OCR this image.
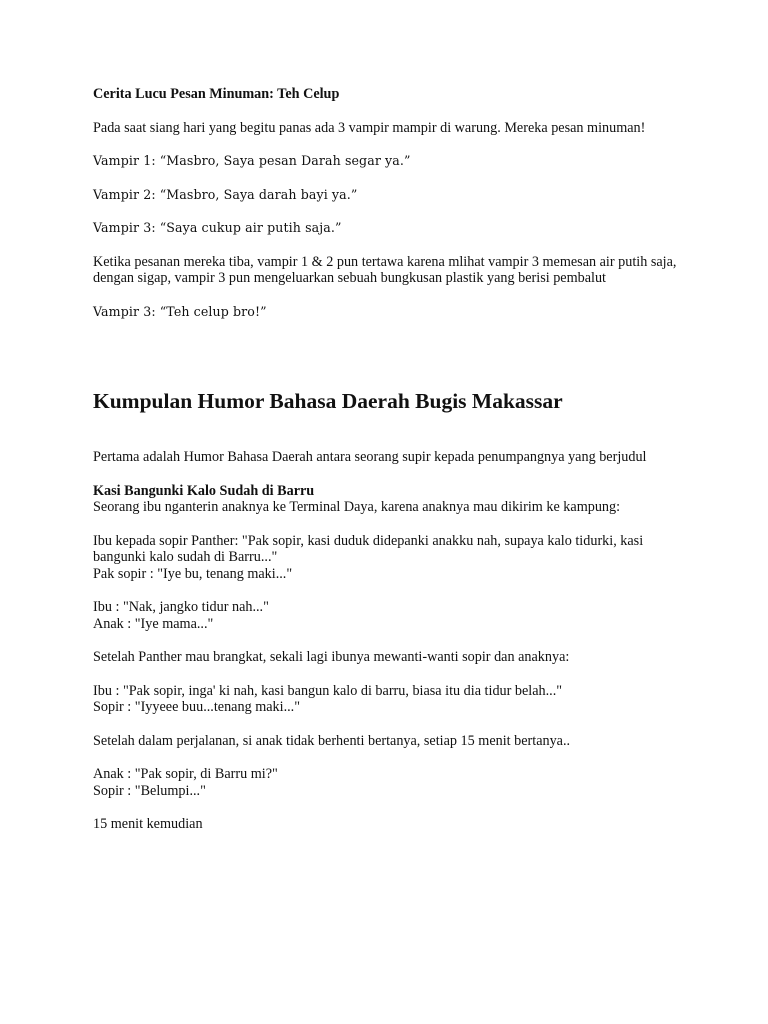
Cerita Lucu Pesan Minuman: Teh Celup

Pada saat siang hari yang begitu panas ada 3 vampir mampir di warung. Mereka pesan minuman!

Vampir 1: “Masbro, Saya pesan Darah segar ya.”

Vampir 2: “Masbro, Saya darah bayi ya.”

Vampir 3: “Saya cukup air putih saja.”

Ketika pesanan mereka tiba, vampir 1 & 2 pun tertawa karena mlihat vampir 3 memesan air putih saja, dengan sigap, vampir 3 pun mengeluarkan sebuah bungkusan plastik yang berisi pembalut

Vampir 3: “Teh celup bro!”

Kumpulan Humor Bahasa Daerah Bugis Makassar

Pertama adalah Humor Bahasa Daerah antara seorang supir kepada penumpangnya yang berjudul

Kasi Bangunki Kalo Sudah di Barru
Seorang ibu nganterin anaknya ke Terminal Daya, karena anaknya mau dikirim ke kampung:

Ibu kepada sopir Panther: "Pak sopir, kasi duduk didepanki anakku nah, supaya kalo tidurki, kasi bangunki kalo sudah di Barru..."
Pak sopir : "Iye bu, tenang maki..."

Ibu : "Nak, jangko tidur nah..."
Anak : "Iye mama..."

Setelah Panther mau brangkat, sekali lagi ibunya mewanti-wanti sopir dan anaknya:

Ibu : "Pak sopir, inga' ki nah, kasi bangun kalo di barru, biasa itu dia tidur belah..."
Sopir : "Iyyeee buu...tenang maki..."

Setelah dalam perjalanan, si anak tidak berhenti bertanya, setiap 15 menit bertanya..

Anak : "Pak sopir, di Barru mi?"
Sopir : "Belumpi..."

15 menit kemudian
